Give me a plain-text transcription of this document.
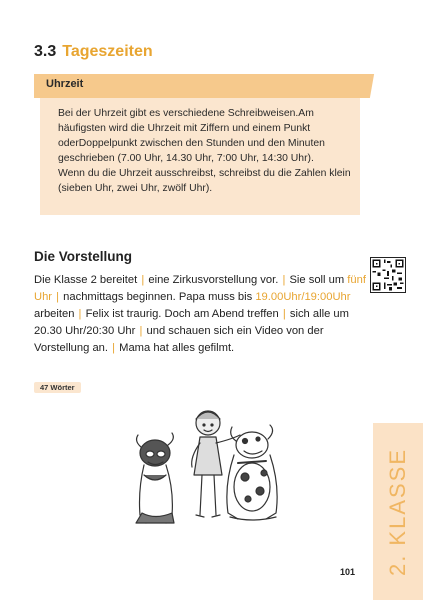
3.3 Tageszeiten
Uhrzeit

Bei der Uhrzeit gibt es verschiedene Schreibweisen.Am häufigsten wird die Uhrzeit mit Ziffern und einem Punkt oderDoppelpunkt zwischen den Stunden und den Minuten geschrieben (7.00 Uhr, 14.30 Uhr, 7:00 Uhr, 14:30 Uhr).

Wenn du die Uhrzeit ausschreibst, schreibst du die Zahlen klein (sieben Uhr, zwei Uhr, zwölf Uhr).

Die Vorstellung
Die Klasse 2 bereitet | eine Zirkusvorstellung vor. | Sie soll um fünf Uhr | nachmittags beginnen. Papa muss bis 19.00Uhr/19:00Uhr arbeiten | Felix ist traurig. Doch am Abend treffen | sich alle um 20.30 Uhr/20:30 Uhr | und schauen sich ein Video von der Vorstellung an. | Mama hat alles gefilmt.
47 Wörter
101 2. KLASSE
